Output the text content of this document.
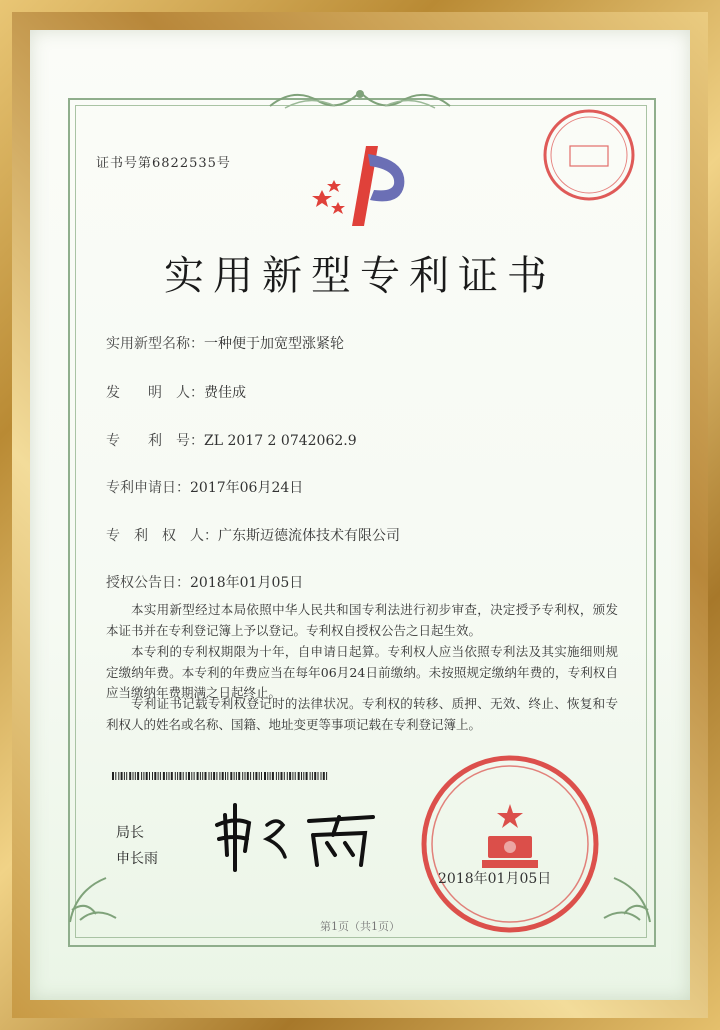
证书号第6822535号
实用新型专利证书
实用新型名称：一种便于加宽型涨紧轮
发　　明　人：费佳成
专　　利　号：ZL 2017 2 0742062.9
专利申请日：2017年06月24日
专　利　权　人：广东斯迈德流体技术有限公司
授权公告日：2018年01月05日

本实用新型经过本局依照中华人民共和国专利法进行初步审查，决定授予专利权，颁发本证书并在专利登记簿上予以登记。专利权自授权公告之日起生效。

本专利的专利权期限为十年，自申请日起算。专利权人应当依照专利法及其实施细则规定缴纳年费。本专利的年费应当在每年06月24日前缴纳。未按照规定缴纳年费的，专利权自应当缴纳年费期满之日起终止。

专利证书记载专利权登记时的法律状况。专利权的转移、质押、无效、终止、恢复和专利权人的姓名或名称、国籍、地址变更等事项记载在专利登记簿上。

局长
申长雨
2018年01月05日
第1页（共1页）
